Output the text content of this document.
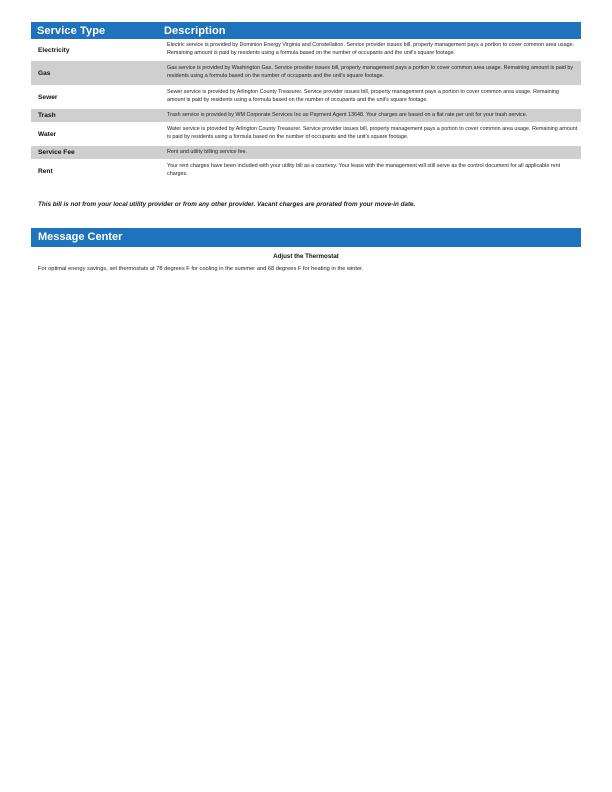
Service Type	Description
Electricity	Electric service is provided by Dominion Energy Virginia and Constellation. Service provider issues bill, property management pays a portion to cover common area usage. Remaining amount is paid by residents using a formula based on the number of occupants and the unit's square footage.
Gas	Gas service is provided by Washington Gas. Service provider issues bill, property management pays a portion to cover common area usage. Remaining amount is paid by residents using a formula based on the number of occupants and the unit's square footage.
Sewer	Sewer service is provided by Arlington County Treasurer. Service provider issues bill, property management pays a portion to cover common area usage. Remaining amount is paid by residents using a formula based on the number of occupants and the unit's square footage.
Trash	Trash service is provided by WM Corporate Services Inc as Payment Agent 13648. Your charges are based on a flat rate per unit for your trash service.
Water	Water service is provided by Arlington County Treasurer. Service provider issues bill, property management pays a portion to cover common area usage. Remaining amount is paid by residents using a formula based on the number of occupants and the unit's square footage.
Service Fee	Rent and utility billing service fee.
Rent	Your rent charges have been included with your utility bill as a courtesy. Your lease with the management will still serve as the control document for all applicable rent charges.
This bill is not from your local utility provider or from any other provider. Vacant charges are prorated from your move-in date.
Message Center
Adjust the Thermostat
For optimal energy savings, set thermostats at 78 degrees F for cooling in the summer and 68 degrees F for heating in the winter.
